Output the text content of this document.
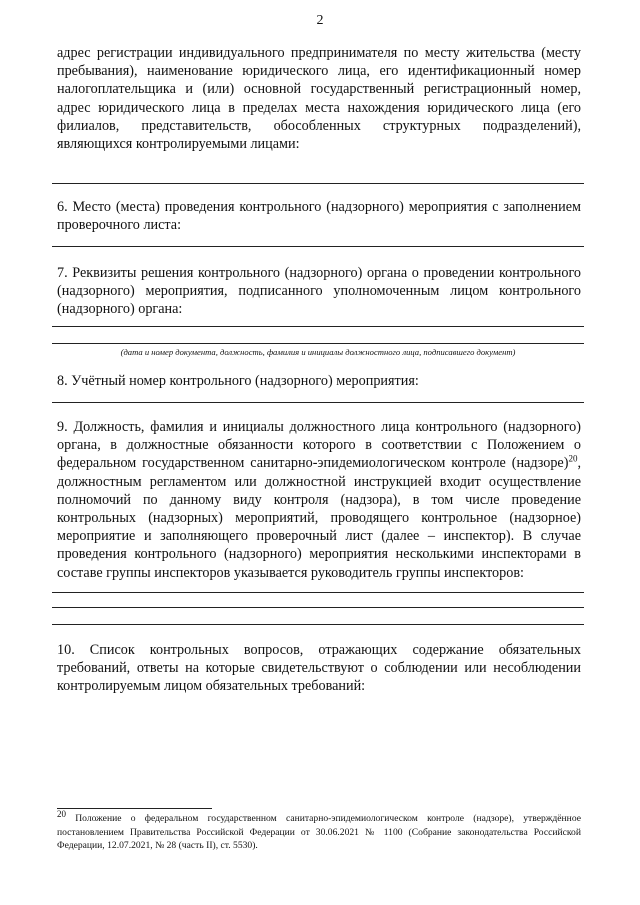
2

адрес регистрации индивидуального предпринимателя по месту жительства (месту пребывания), наименование юридического лица, его идентификационный номер налогоплательщика и (или) основной государственный регистрационный номер, адрес юридического лица в пределах места нахождения юридического лица (его филиалов, представительств, обособленных структурных подразделений), являющихся контролируемыми лицами:

6. Место (места) проведения контрольного (надзорного) мероприятия с заполнением проверочного листа:

7. Реквизиты решения контрольного (надзорного) органа о проведении контрольного (надзорного) мероприятия, подписанного уполномоченным лицом контрольного (надзорного) органа:

(дата и номер документа, должность, фамилия и инициалы должностного лица, подписавшего документ)

8. Учётный номер контрольного (надзорного) мероприятия:

9. Должность, фамилия и инициалы должностного лица контрольного (надзорного) органа, в должностные обязанности которого в соответствии с Положением о федеральном государственном санитарно-эпидемиологическом контроле (надзоре)$^{20}$, должностным регламентом или должностной инструкцией входит осуществление полномочий по данному виду контроля (надзора), в том числе проведение контрольных (надзорных) мероприятий, проводящего контрольное (надзорное) мероприятие и заполняющего проверочный лист (далее – инспектор). В случае проведения контрольного (надзорного) мероприятия несколькими инспекторами в составе группы инспекторов указывается руководитель группы инспекторов:

10. Список контрольных вопросов, отражающих содержание обязательных требований, ответы на которые свидетельствуют о соблюдении или несоблюдении контролируемым лицом обязательных требований:

$^{20}$ Положение о федеральном государственном санитарно-эпидемиологическом контроле (надзоре), утверждённое постановлением Правительства Российской Федерации от 30.06.2021 № 1100 (Собрание законодательства Российской Федерации, 12.07.2021, № 28 (часть II), ст. 5530).
